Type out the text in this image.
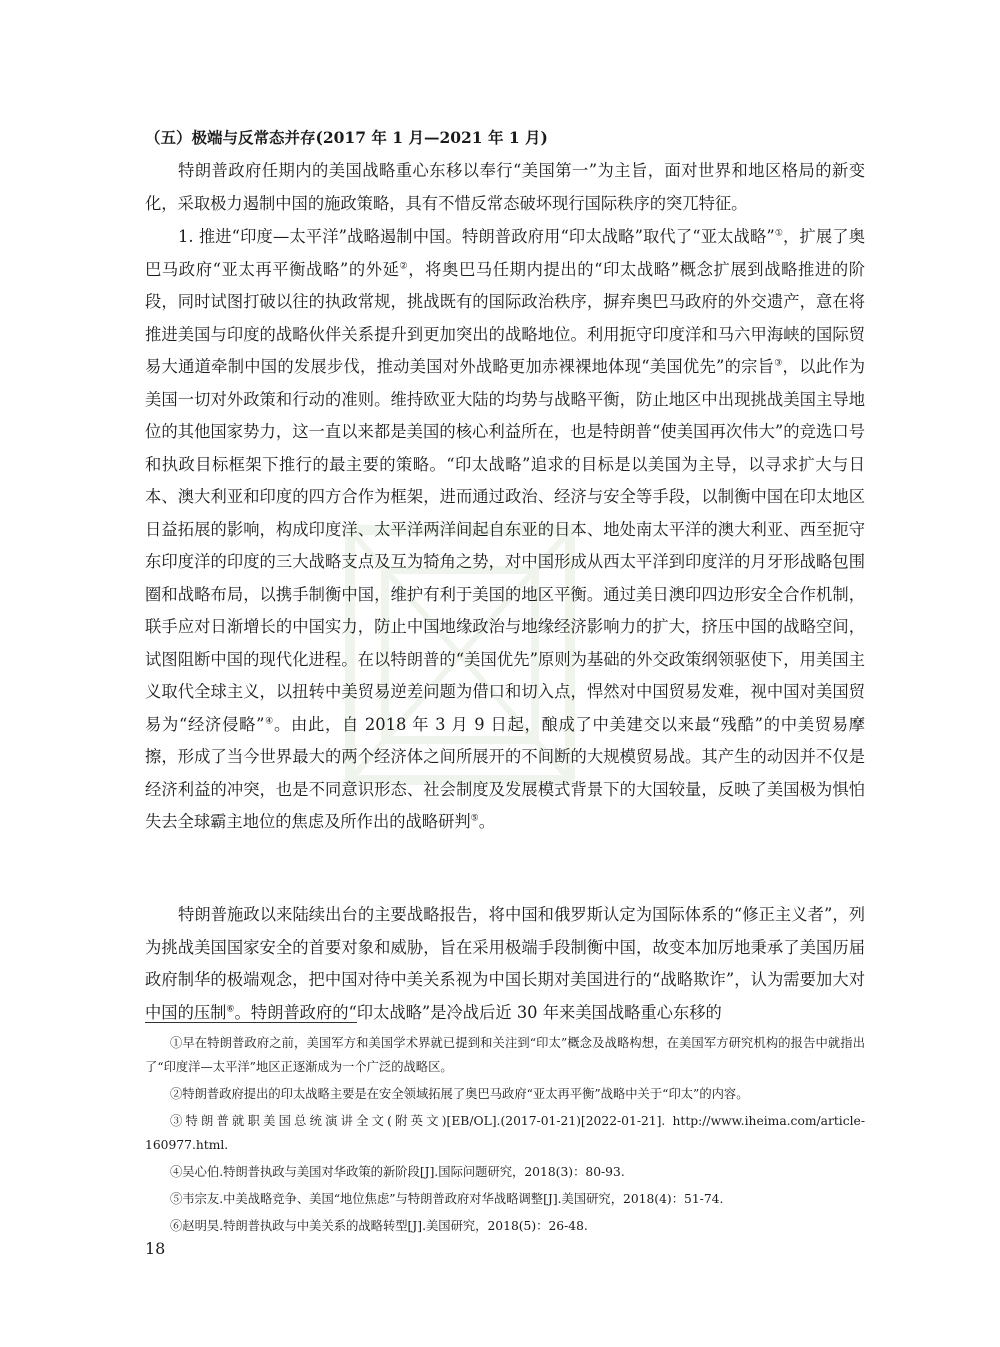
（五）极端与反常态并存(2017 年 1 月—2021 年 1 月)

特朗普政府任期内的美国战略重心东移以奉行“美国第一”为主旨，面对世界和地区格局的新变化，采取极力遏制中国的施政策略，具有不惜反常态破坏现行国际秩序的突兀特征。

1. 推进“印度—太平洋”战略遏制中国。特朗普政府用“印太战略”取代了“亚太战略”①，扩展了奥巴马政府“亚太再平衡战略”的外延②，将奥巴马任期内提出的“印太战略”概念扩展到战略推进的阶段，同时试图打破以往的执政常规，挑战既有的国际政治秩序，摒弃奥巴马政府的外交遗产，意在将推进美国与印度的战略伙伴关系提升到更加突出的战略地位。利用扼守印度洋和马六甲海峡的国际贸易大通道牵制中国的发展步伐，推动美国对外战略更加赤裸裸地体现“美国优先”的宗旨③，以此作为美国一切对外政策和行动的准则。维持欧亚大陆的均势与战略平衡，防止地区中出现挑战美国主导地位的其他国家势力，这一直以来都是美国的核心利益所在，也是特朗普“使美国再次伟大”的竞选口号和执政目标框架下推行的最主要的策略。“印太战略”追求的目标是以美国为主导，以寻求扩大与日本、澳大利亚和印度的四方合作为框架，进而通过政治、经济与安全等手段，以制衡中国在印太地区日益拓展的影响，构成印度洋、太平洋两洋间起自东亚的日本、地处南太平洋的澳大利亚、西至扼守东印度洋的印度的三大战略支点及互为犄角之势，对中国形成从西太平洋到印度洋的月牙形战略包围圈和战略布局，以携手制衡中国，维护有利于美国的地区平衡。通过美日澳印四边形安全合作机制，联手应对日渐增长的中国实力，防止中国地缘政治与地缘经济影响力的扩大，挤压中国的战略空间，试图阻断中国的现代化进程。在以特朗普的“美国优先”原则为基础的外交政策纲领驱使下，用美国主义取代全球主义，以扭转中美贸易逆差问题为借口和切入点，悍然对中国贸易发难，视中国对美国贸易为“经济侵略”④。由此，自 2018 年 3 月 9 日起，酿成了中美建交以来最“残酷”的中美贸易摩擦，形成了当今世界最大的两个经济体之间所展开的不间断的大规模贸易战。其产生的动因并不仅是经济利益的冲突，也是不同意识形态、社会制度及发展模式背景下的大国较量，反映了美国极为惧怕失去全球霸主地位的焦虑及所作出的战略研判⑤。

特朗普施政以来陆续出台的主要战略报告，将中国和俄罗斯认定为国际体系的“修正主义者”，列为挑战美国国家安全的首要对象和威胁，旨在采用极端手段制衡中国，故变本加厉地秉承了美国历届政府制华的极端观念，把中国对待中美关系视为中国长期对美国进行的“战略欺诈”，认为需要加大对中国的压制⑥。特朗普政府的“印太战略”是冷战后近 30 年来美国战略重心东移的

①早在特朗普政府之前，美国军方和美国学术界就已提到和关注到“印太”概念及战略构想，在美国军方研究机构的报告中就指出了“印度洋—太平洋”地区正逐渐成为一个广泛的战略区。

②特朗普政府提出的印太战略主要是在安全领域拓展了奥巴马政府“亚太再平衡”战略中关于“印太”的内容。

③特朗普就职美国总统演讲全文(附英文)[EB/OL].(2017-01-21)[2022-01-21]. http://www.iheima.com/article-160977.html.

④吴心伯.特朗普执政与美国对华政策的新阶段[J].国际问题研究，2018(3)：80-93.

⑤韦宗友.中美战略竞争、美国“地位焦虑”与特朗普政府对华战略调整[J].美国研究，2018(4)：51-74.

⑥赵明昊.特朗普执政与中美关系的战略转型[J].美国研究，2018(5)：26-48.

18
